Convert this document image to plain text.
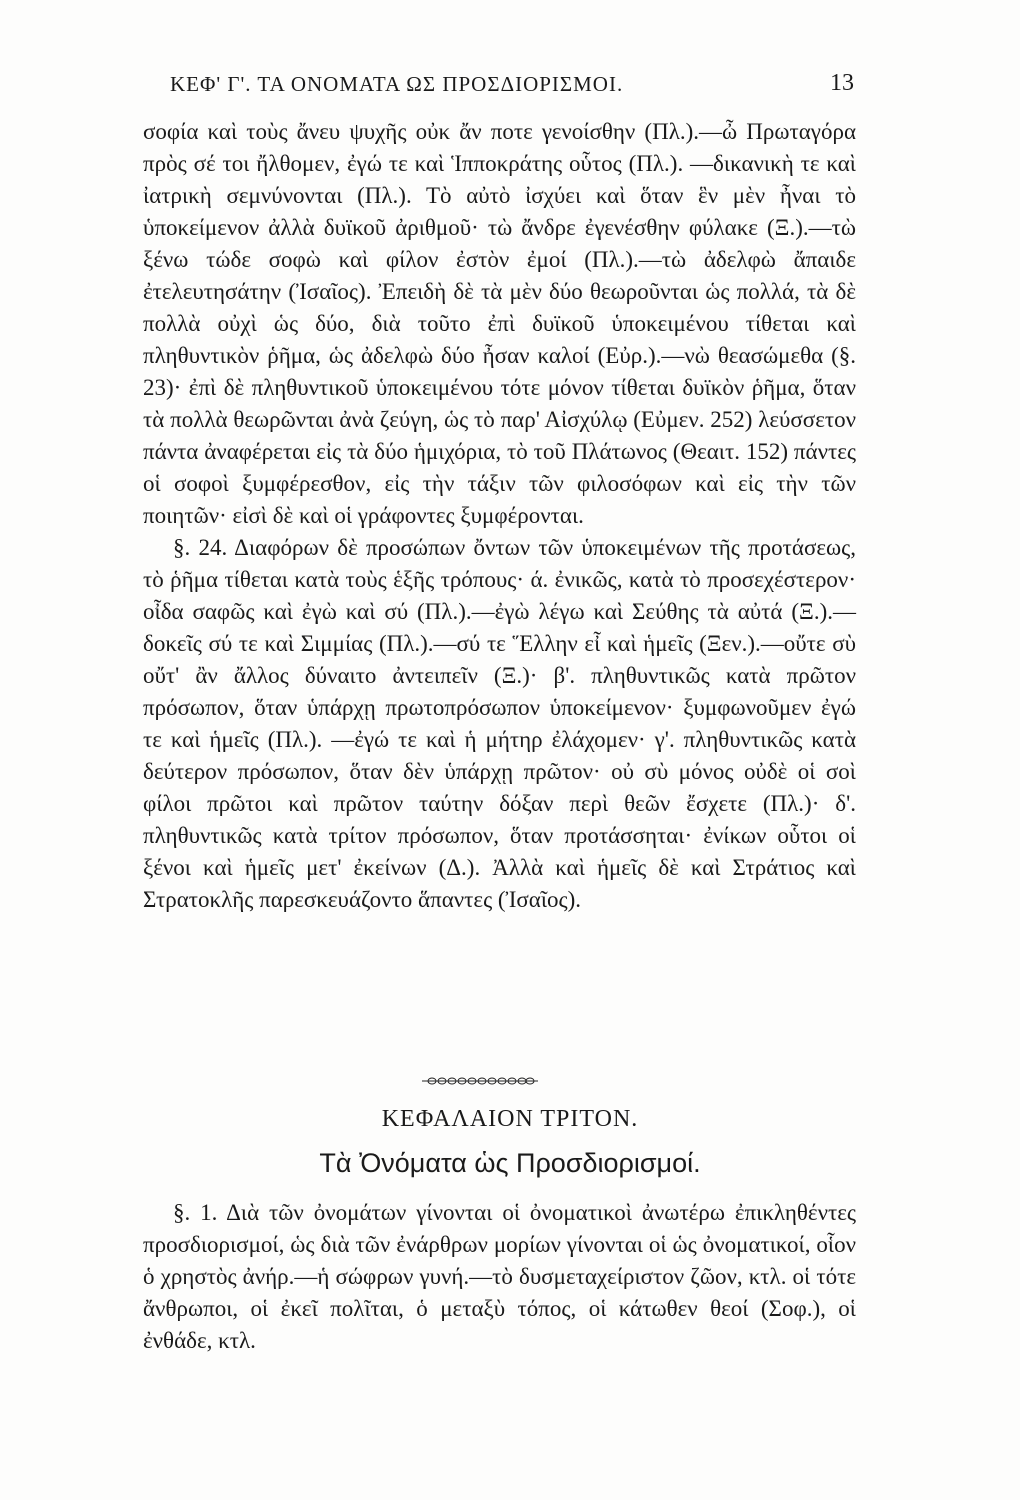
ΚΕΦ' Γ'. ΤΑ ΟΝΟΜΑΤΑ ΩΣ ΠΡΟΣΔΙΟΡΙΣΜΟΙ.	13

σοφία καὶ τοὺς ἄνευ ψυχῆς οὐκ ἄν ποτε γενοίσθην (Πλ.).—ὦ Πρωταγόρα πρὸς σέ τοι ἤλθομεν, ἐγώ τε καὶ Ἱπποκράτης οὗτος (Πλ.). —δικανικὴ τε καὶ ἰατρικὴ σεμνύνονται (Πλ.). Τὸ αὐτὸ ἰσχύει καὶ ὅταν ἓν μὲν ἦναι τὸ ὑποκείμενον ἀλλὰ δυϊκοῦ ἀριθμοῦ· τὼ ἄνδρε ἐγενέσθην φύλακε (Ξ.).—τὼ ξένω τώδε σοφὼ καὶ φίλον ἐστὸν ἐμοί (Πλ.).—τὼ ἀδελφὼ ἄπαιδε ἐτελευτησάτην (Ἰσαῖος). Ἐπειδὴ δὲ τὰ μὲν δύο θεωροῦνται ὡς πολλά, τὰ δὲ πολλὰ οὐχὶ ὡς δύο, διὰ τοῦτο ἐπὶ δυϊκοῦ ὑποκειμένου τίθεται καὶ πληθυντικὸν ῥῆμα, ὡς ἀδελφὼ δύο ἦσαν καλοί (Εὐρ.).—νὼ θεασώμεθα (§. 23)· ἐπὶ δὲ πληθυντικοῦ ὑποκειμένου τότε μόνον τίθεται δυϊκὸν ῥῆμα, ὅταν τὰ πολλὰ θεωρῶνται ἀνὰ ζεύγη, ὡς τὸ παρ' Αἰσχύλῳ (Εὐμεν. 252) λεύσσετον πάντα ἀναφέρεται εἰς τὰ δύο ἡμιχόρια, τὸ τοῦ Πλάτωνος (Θεαιτ. 152) πάντες οἱ σοφοὶ ξυμφέρεσθον, εἰς τὴν τάξιν τῶν φιλοσόφων καὶ εἰς τὴν τῶν ποιητῶν· εἰσὶ δὲ καὶ οἱ γράφοντες ξυμφέρονται.

§. 24. Διαφόρων δὲ προσώπων ὄντων τῶν ὑποκειμένων τῆς προτάσεως, τὸ ῥῆμα τίθεται κατὰ τοὺς ἑξῆς τρόπους· ά. ἐνικῶς, κατὰ τὸ προσεχέστερον· οἶδα σαφῶς καὶ ἐγὼ καὶ σύ (Πλ.).—ἐγὼ λέγω καὶ Σεύθης τὰ αὐτά (Ξ.).—δοκεῖς σύ τε καὶ Σιμμίας (Πλ.).—σύ τε Ἕλλην εἶ καὶ ἡμεῖς (Ξεν.).—οὔτε σὺ οὔτ' ἂν ἄλλος δύναιτο ἀντειπεῖν (Ξ.)· β'. πληθυντικῶς κατὰ πρῶτον πρόσωπον, ὅταν ὑπάρχῃ πρωτοπρόσωπον ὑποκείμενον· ξυμφωνοῦμεν ἐγώ τε καὶ ἡμεῖς (Πλ.). —ἐγώ τε καὶ ἡ μήτηρ ἐλάχομεν· γ'. πληθυντικῶς κατὰ δεύτερον πρόσωπον, ὅταν δὲν ὑπάρχῃ πρῶτον· οὐ σὺ μόνος οὐδὲ οἱ σοὶ φίλοι πρῶτοι καὶ πρῶτον ταύτην δόξαν περὶ θεῶν ἔσχετε (Πλ.)· δ'. πληθυντικῶς κατὰ τρίτον πρόσωπον, ὅταν προτάσσηται· ἐνίκων οὗτοι οἱ ξένοι καὶ ἡμεῖς μετ' ἐκείνων (Δ.). Ἀλλὰ καὶ ἡμεῖς δὲ καὶ Στράτιος καὶ Στρατοκλῆς παρεσκευάζοντο ἅπαντες (Ἰσαῖος).

ΚΕΦΑΛΑΙΟΝ ΤΡΙΤΟΝ.
Τὰ Ὀνόματα ὡς Προσδιορισμοί.

§. 1. Διὰ τῶν ὀνομάτων γίνονται οἱ ὀνοματικοὶ ἀνωτέρω ἐπικληθέντες προσδιορισμοί, ὡς διὰ τῶν ἐνάρθρων μορίων γίνονται οἱ ὡς ὀνοματικοί, οἷον ὁ χρηστὸς ἀνήρ.—ἡ σώφρων γυνή.—τὸ δυσμεταχείριστον ζῶον, κτλ. οἱ τότε ἄνθρωποι, οἱ ἐκεῖ πολῖται, ὁ μεταξὺ τόπος, οἱ κάτωθεν θεοί (Σοφ.), οἱ ἐνθάδε, κτλ.
